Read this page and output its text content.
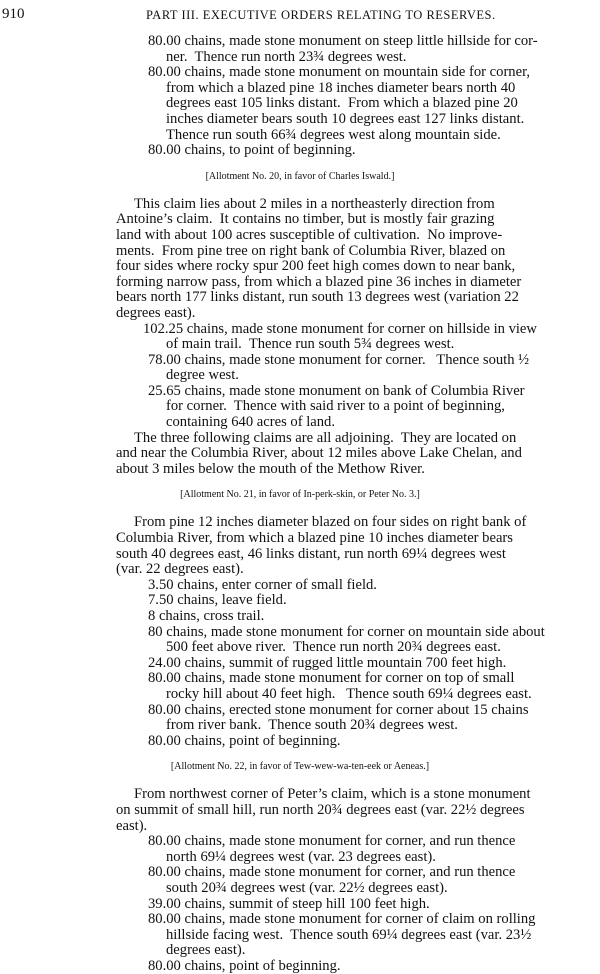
910	PART III. EXECUTIVE ORDERS RELATING TO RESERVES.
80.00 chains, made stone monument on steep little hillside for cor-
ner.  Thence run north 23¾ degrees west.
80.00 chains, made stone monument on mountain side for corner,
from which a blazed pine 18 inches diameter bears north 40
degrees east 105 links distant.  From which a blazed pine 20
inches diameter bears south 10 degrees east 127 links distant.
Thence run south 66¾ degrees west along mountain side.
80.00 chains, to point of beginning.
[Allotment No. 20, in favor of Charles Iswald.]
This claim lies about 2 miles in a northeasterly direction from
Antoine’s claim.  It contains no timber, but is mostly fair grazing
land with about 100 acres susceptible of cultivation.  No improve-
ments.  From pine tree on right bank of Columbia River, blazed on
four sides where rocky spur 200 feet high comes down to near bank,
forming narrow pass, from which a blazed pine 36 inches in diameter
bears north 177 links distant, run south 13 degrees west (variation 22
degrees east).
102.25 chains, made stone monument for corner on hillside in view
of main trail.  Thence run south 5¾ degrees west.
78.00 chains, made stone monument for corner.   Thence south ½
degree west.
25.65 chains, made stone monument on bank of Columbia River
for corner.  Thence with said river to a point of beginning,
containing 640 acres of land.
The three following claims are all adjoining.  They are located on
and near the Columbia River, about 12 miles above Lake Chelan, and
about 3 miles below the mouth of the Methow River.
[Allotment No. 21, in favor of In-perk-skin, or Peter No. 3.]
From pine 12 inches diameter blazed on four sides on right bank of
Columbia River, from which a blazed pine 10 inches diameter bears
south 40 degrees east, 46 links distant, run north 69¼ degrees west
(var. 22 degrees east).
3.50 chains, enter corner of small field.
7.50 chains, leave field.
8 chains, cross trail.
80 chains, made stone monument for corner on mountain side about
500 feet above river.  Thence run north 20¾ degrees east.
24.00 chains, summit of rugged little mountain 700 feet high.
80.00 chains, made stone monument for corner on top of small
rocky hill about 40 feet high.   Thence south 69¼ degrees east.
80.00 chains, erected stone monument for corner about 15 chains
from river bank.  Thence south 20¾ degrees west.
80.00 chains, point of beginning.
[Allotment No. 22, in favor of Tew-wew-wa-ten-eek or Aeneas.]
From northwest corner of Peter’s claim, which is a stone monument
on summit of small hill, run north 20¾ degrees east (var. 22½ degrees
east).
80.00 chains, made stone monument for corner, and run thence
north 69¼ degrees west (var. 23 degrees east).
80.00 chains, made stone monument for corner, and run thence
south 20¾ degrees west (var. 22½ degrees east).
39.00 chains, summit of steep hill 100 feet high.
80.00 chains, made stone monument for corner of claim on rolling
hillside facing west.  Thence south 69¼ degrees east (var. 23½
degrees east).
80.00 chains, point of beginning.
